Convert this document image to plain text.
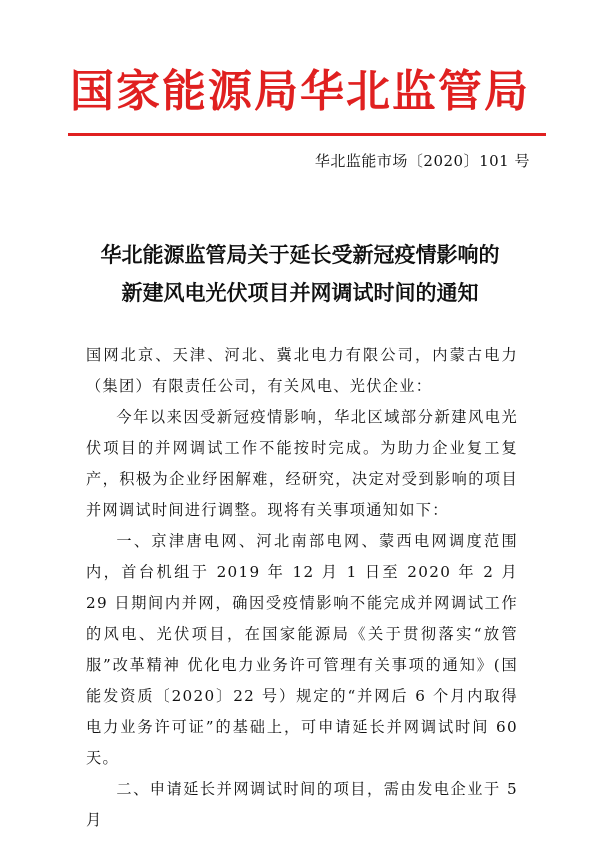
国家能源局华北监管局
华北监能市场〔2020〕101 号
华北能源监管局关于延长受新冠疫情影响的
新建风电光伏项目并网调试时间的通知

国网北京、天津、河北、冀北电力有限公司，内蒙古电力（集团）有限责任公司，有关风电、光伏企业：

今年以来因受新冠疫情影响，华北区域部分新建风电光伏项目的并网调试工作不能按时完成。为助力企业复工复产，积极为企业纾困解难，经研究，决定对受到影响的项目并网调试时间进行调整。现将有关事项通知如下：

一、京津唐电网、河北南部电网、蒙西电网调度范围内，首台机组于 2019 年 12 月 1 日至 2020 年 2 月 29 日期间内并网，确因受疫情影响不能完成并网调试工作的风电、光伏项目，在国家能源局《关于贯彻落实“放管服”改革精神 优化电力业务许可管理有关事项的通知》(国能发资质〔2020〕22 号）规定的“并网后 6 个月内取得电力业务许可证”的基础上，可申请延长并网调试时间 60 天。

二、申请延长并网调试时间的项目，需由发电企业于 5 月
